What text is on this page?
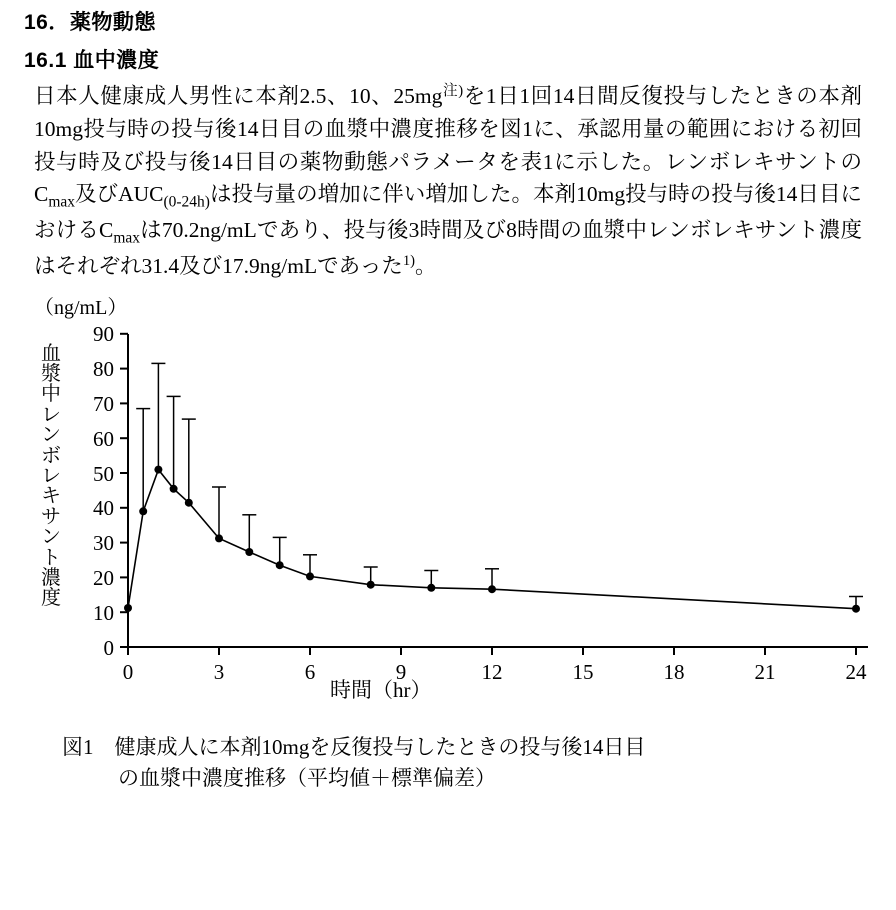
16．薬物動態
16.1 血中濃度

日本人健康成人男性に本剤2.5、10、25mg$^{注)}$を1日1回14日間反復投与したときの本剤10mg投与時の投与後14日目の血漿中濃度推移を図1に、承認用量の範囲における初回投与時及び投与後14日目の薬物動態パラメータを表1に示した。レンボレキサントの$C_{max}$及び$AUC_{(0-24h)}$は投与量の増加に伴い増加した。本剤10mg投与時の投与後14日目における$C_{max}$は70.2ng/mLであり、投与後3時間及び8時間の血漿中レンボレキサント濃度はそれぞれ31.4及び17.9ng/mLであった$^{1)}$。

（ng/mL）
血
漿
中
レ
ン
ボ
レ
キ
サ
ン
ト
濃
度
時間（hr）
0
10
20
30
40
50
60
70
80
90
0	3	6	9	12	15	18	21	24
図1　健康成人に本剤10mgを反復投与したときの投与後14日目
の血漿中濃度推移（平均値＋標準偏差）
